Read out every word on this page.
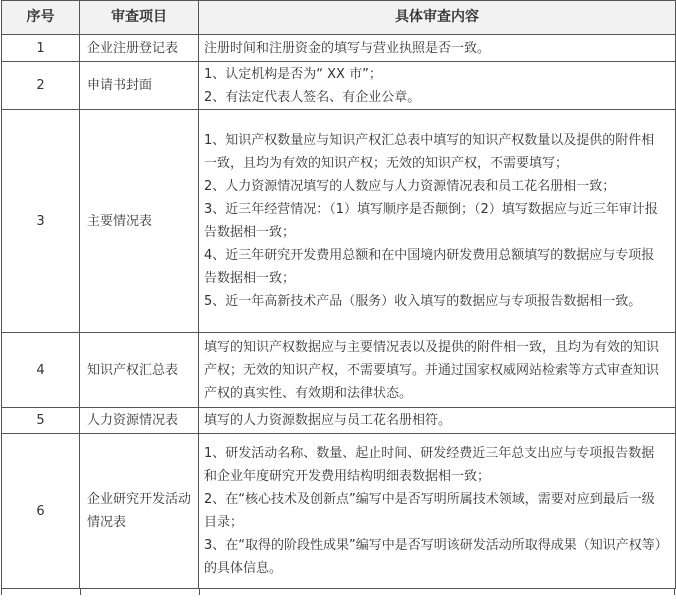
序号	审查项目	具体审查内容
1	企业注册登记表	注册时间和注册资金的填写与营业执照是否一致。

2	申请书封面	1、认定机构是否为“ XX 市”；
2、有法定代表人签名、有企业公章。

3	主要情况表	1、知识产权数量应与知识产权汇总表中填写的知识产权数量以及提供的附件相一致，且均为有效的知识产权；无效的知识产权，不需要填写；
2、人力资源情况填写的人数应与人力资源情况表和员工花名册相一致；
3、近三年经营情况：（1）填写顺序是否颠倒；（2）填写数据应与近三年审计报告数据相一致；
4、近三年研究开发费用总额和在中国境内研发费用总额填写的数据应与专项报告数据相一致；
5、近一年高新技术产品（服务）收入填写的数据应与专项报告数据相一致。

4	知识产权汇总表	填写的知识产权数据应与主要情况表以及提供的附件相一致，且均为有效的知识产权；无效的知识产权，不需要填写。并通过国家权威网站检索等方式审查知识产权的真实性、有效期和法律状态。

5	人力资源情况表	填写的人力资源数据应与员工花名册相符。

6	企业研究开发活动情况表	1、研发活动名称、数量、起止时间、研发经费近三年总支出应与专项报告数据和企业年度研究开发费用结构明细表数据相一致；
2、在“核心技术及创新点”编写中是否写明所属技术领域，需要对应到最后一级目录；
3、在“取得的阶段性成果”编写中是否写明该研发活动所取得成果（知识产权等）的具体信息。
